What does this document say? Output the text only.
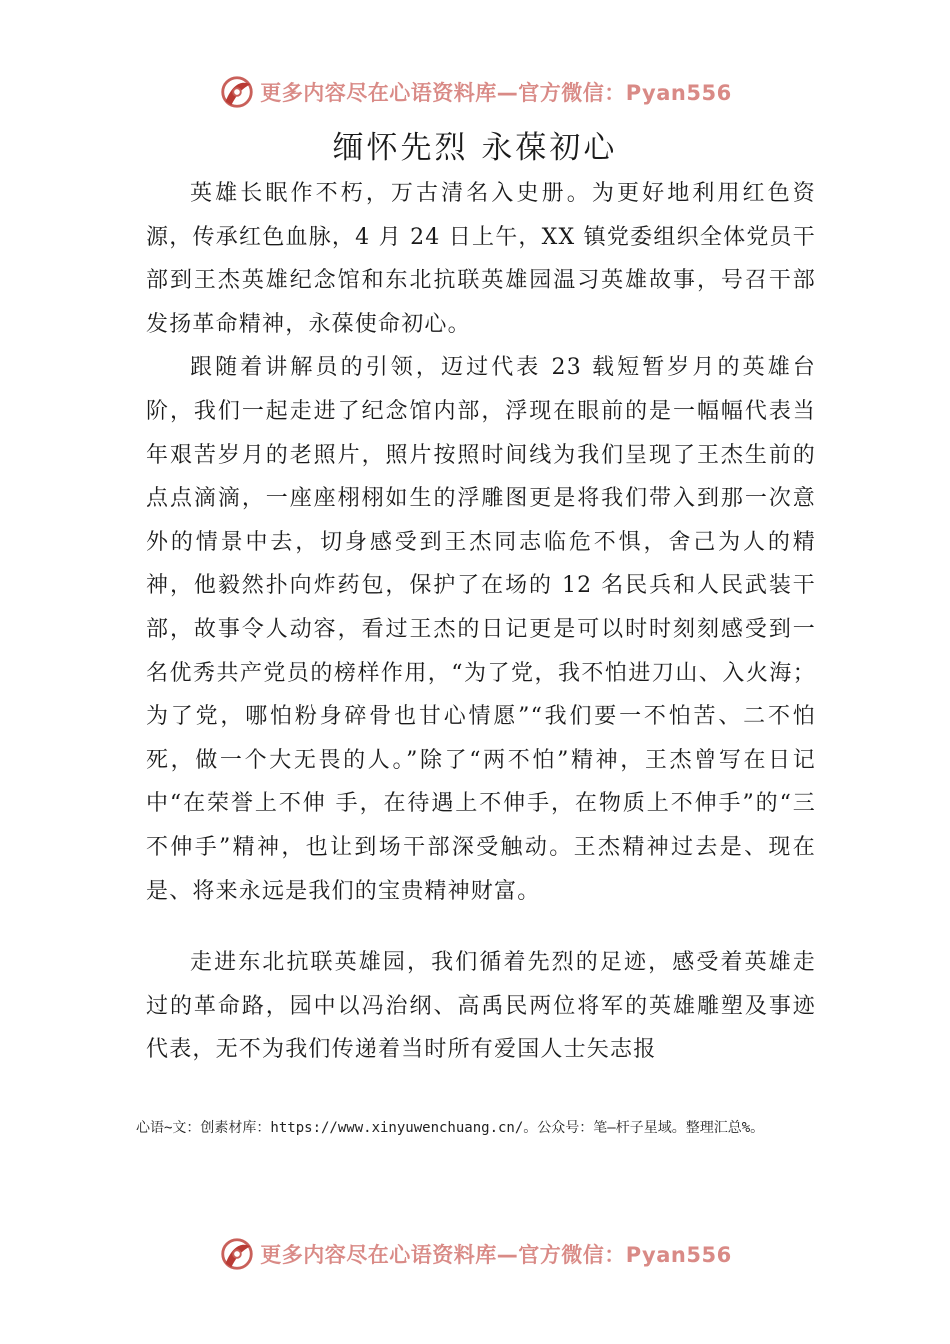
更多内容尽在心语资料库—官方微信：Pyan556
缅怀先烈 永葆初心

英雄长眠作不朽，万古清名入史册。为更好地利用红色资源，传承红色血脉，4 月 24 日上午，XX 镇党委组织全体党员干部到王杰英雄纪念馆和东北抗联英雄园温习英雄故事，号召干部发扬革命精神，永葆使命初心。

跟随着讲解员的引领，迈过代表 23 载短暂岁月的英雄台阶，我们一起走进了纪念馆内部，浮现在眼前的是一幅幅代表当年艰苦岁月的老照片，照片按照时间线为我们呈现了王杰生前的点点滴滴，一座座栩栩如生的浮雕图更是将我们带入到那一次意外的情景中去，切身感受到王杰同志临危不惧，舍己为人的精神，他毅然扑向炸药包，保护了在场的 12 名民兵和人民武装干部，故事令人动容，看过王杰的日记更是可以时时刻刻感受到一名优秀共产党员的榜样作用，“为了党，我不怕进刀山、入火海；为了党，哪怕粉身碎骨也甘心情愿”“我们要一不怕苦、二不怕死，做一个大无畏的人。”除了“两不怕”精神，王杰曾写在日记中“在荣誉上不伸 手，在待遇上不伸手，在物质上不伸手”的“三不伸手”精神，也让到场干部深受触动。王杰精神过去是、现在是、将来永远是我们的宝贵精神财富。

走进东北抗联英雄园，我们循着先烈的足迹，感受着英雄走过的革命路，园中以冯治纲、高禹民两位将军的英雄雕塑及事迹代表，无不为我们传递着当时所有爱国人士矢志报

心语~文：创素材库：https://www.xinyuwenchuang.cn/。公众号：笔—杆子星域。整理汇总%。
更多内容尽在心语资料库—官方微信：Pyan556
